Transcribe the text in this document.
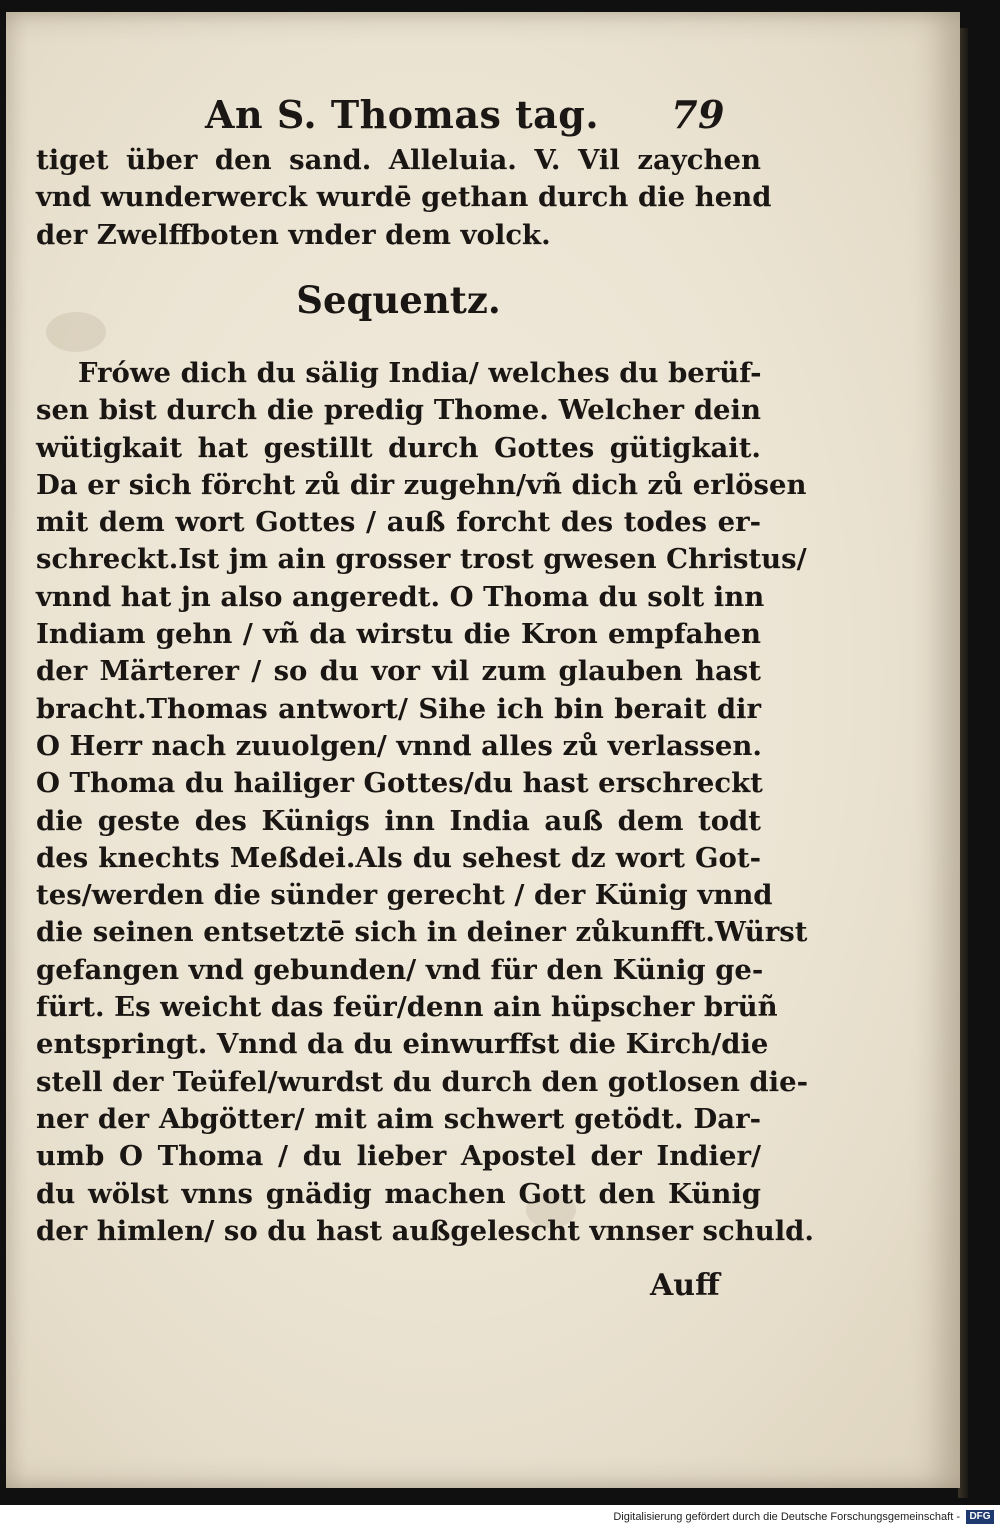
An S. Thomas tag. 79
tiget über den sand. Alleluia. V. Vil zaychen
vnd wunderwerck wurdē gethan durch die hend
der Zwelffboten vnder dem volck.
Sequentz.
Frówe dich du sälig India/ welches du berüf-
sen bist durch die predig Thome. Welcher dein
wütigkait hat gestillt durch Gottes gütigkait.
Da er sich förcht zů dir zugehn/vñ dich zů erlösen
mit dem wort Gottes / auß forcht des todes er-
schreckt.Ist jm ain grosser trost gwesen Christus/
vnnd hat jn also angeredt. O Thoma du solt inn
Indiam gehn / vñ da wirstu die Kron empfahen
der Märterer / so du vor vil zum glauben hast
bracht.Thomas antwort/ Sihe ich bin berait dir
O Herr nach zuuolgen/ vnnd alles zů verlassen.
O Thoma du hailiger Gottes/du hast erschreckt
die geste des Künigs inn India auß dem todt
des knechts Meßdei.Als du sehest dz wort Got-
tes/werden die sünder gerecht / der Künig vnnd
die seinen entsetztē sich in deiner zůkunfft.Würst
gefangen vnd gebunden/ vnd für den Künig ge-
fürt. Es weicht das feür/denn ain hüpscher brüñ
entspringt. Vnnd da du einwurffst die Kirch/die
stell der Teüfel/wurdst du durch den gotlosen die-
ner der Abgötter/ mit aim schwert getödt. Dar-
umb O Thoma / du lieber Apostel der Indier/
du wölst vnns gnädig machen Gott den Künig
der himlen/ so du hast außgelescht vnnser schuld.
Auff
Digitalisierung gefördert durch die Deutsche Forschungsgemeinschaft - DFG
